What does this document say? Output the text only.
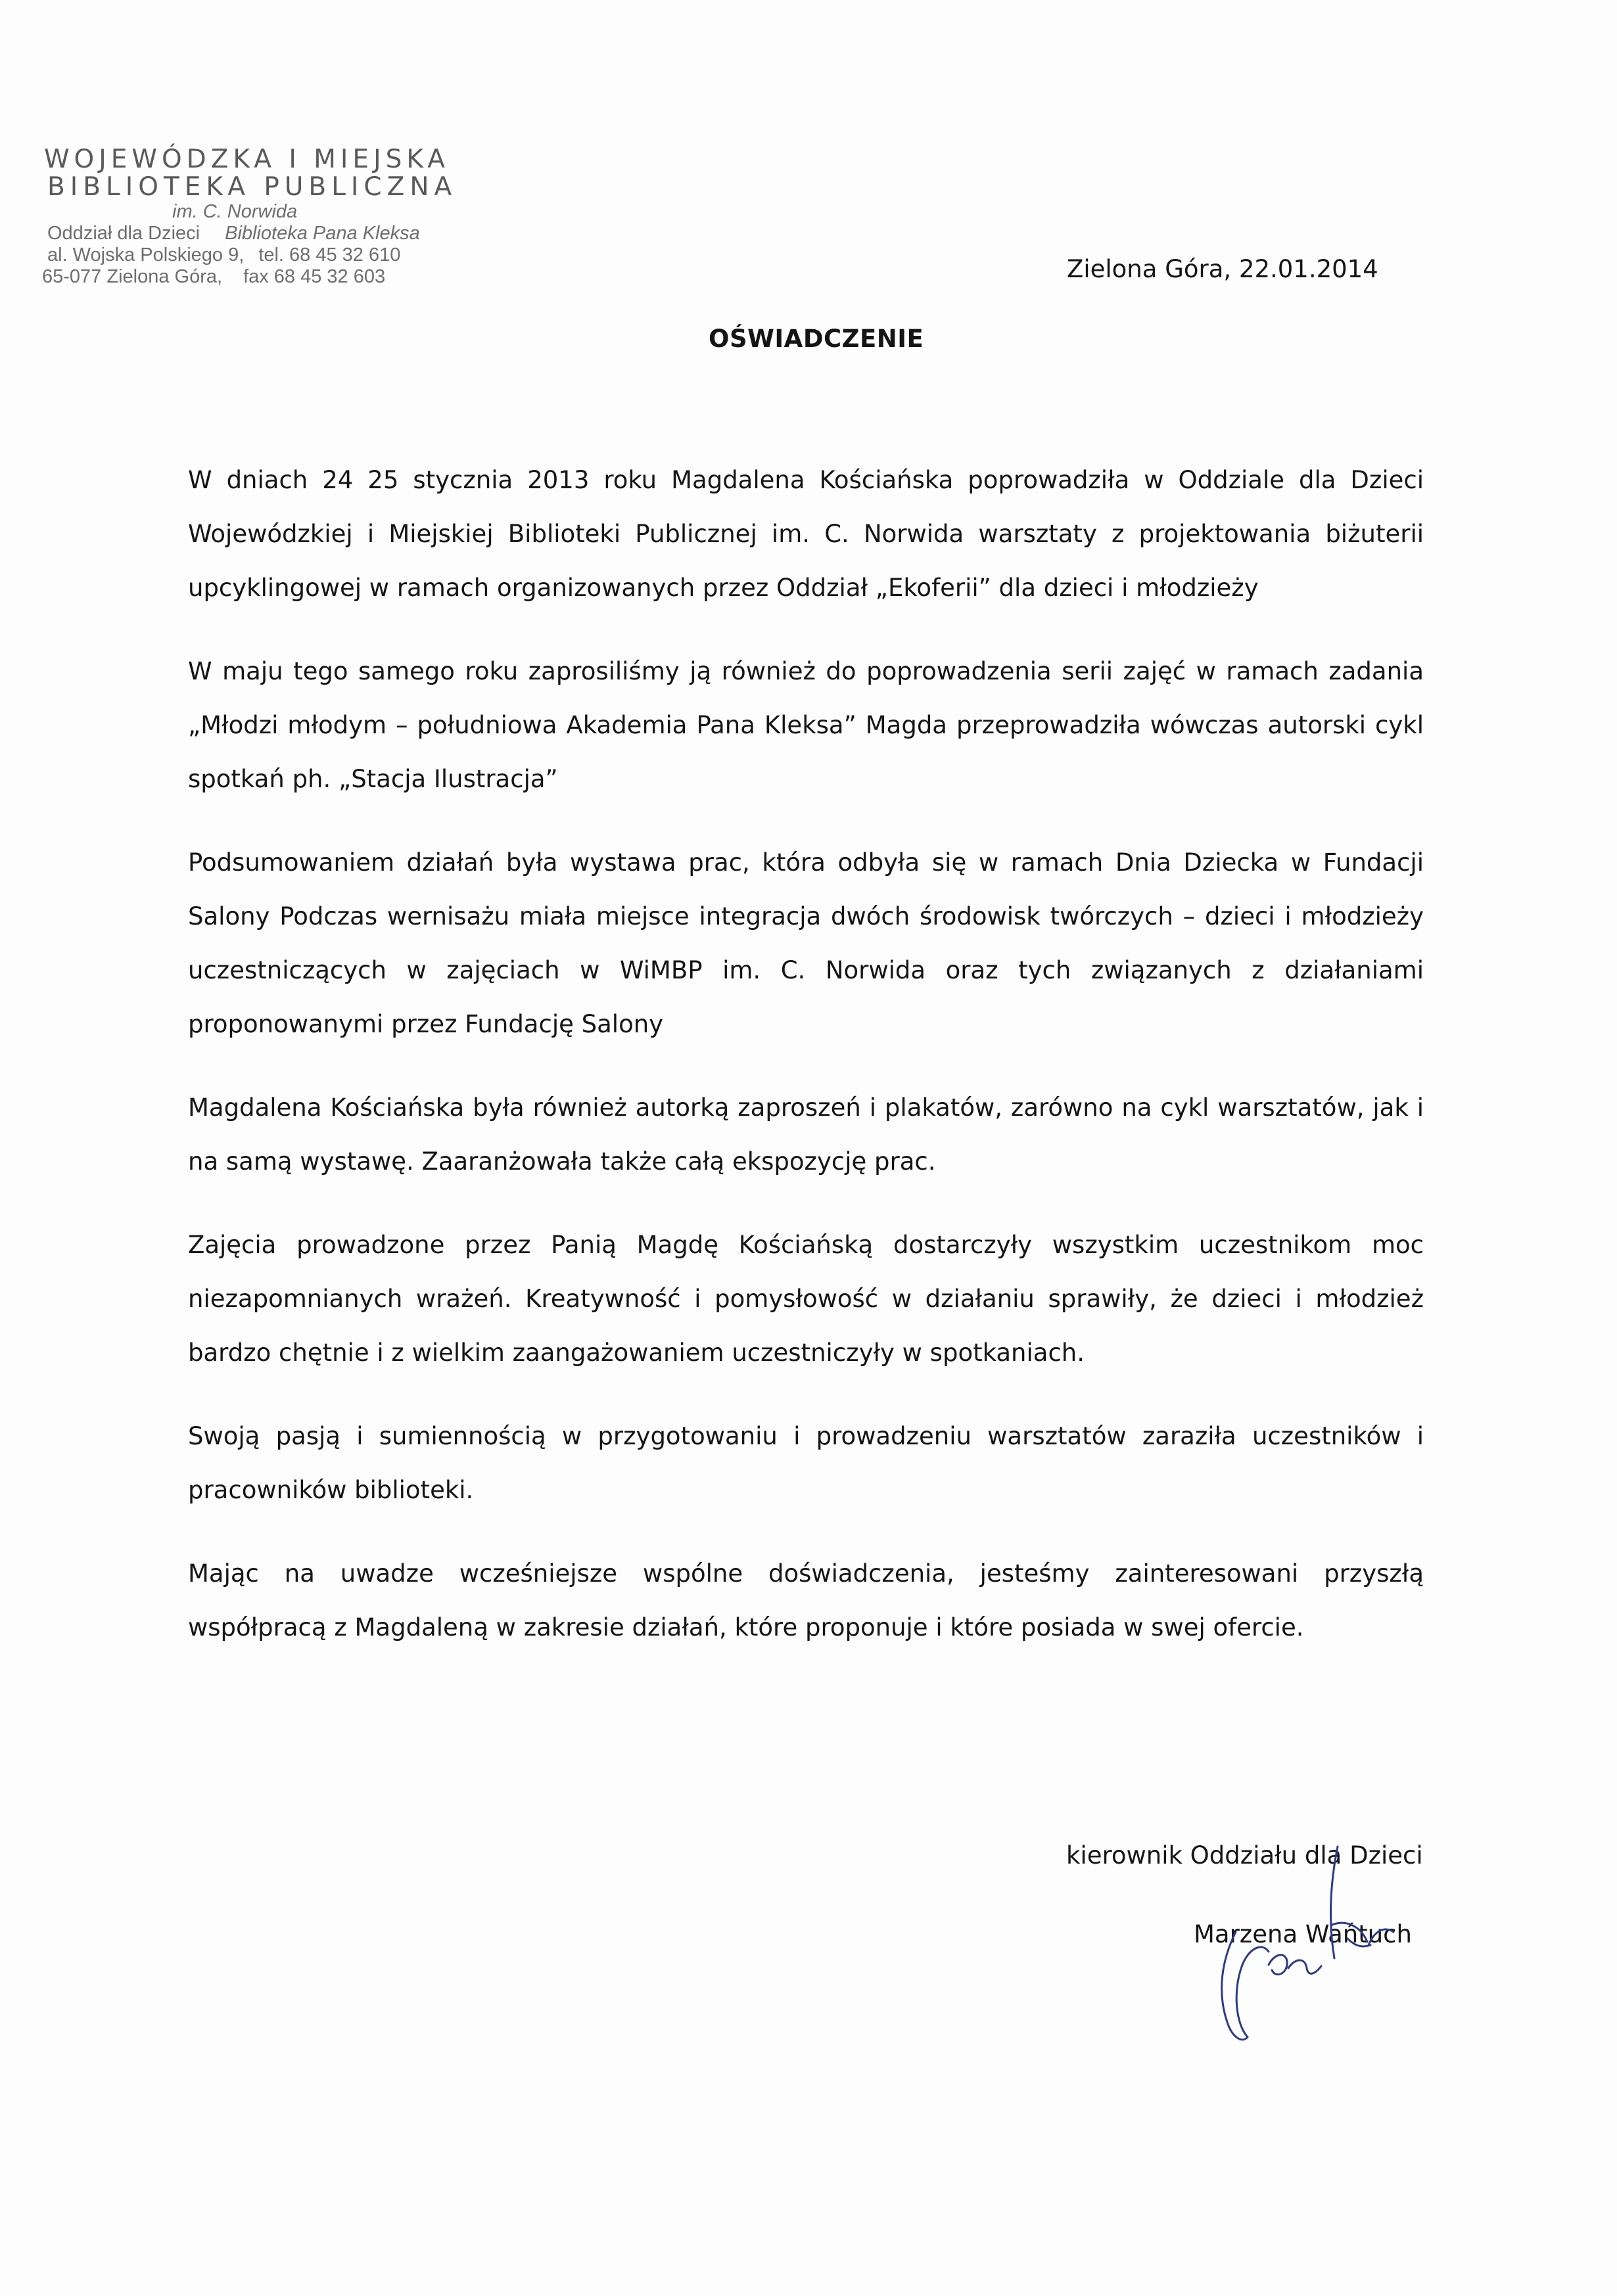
WOJEWÓDZKA I MIEJSKA
BIBLIOTEKA PUBLICZNA
im. C. Norwida
Oddział dla Dzieci Biblioteka Pana Kleksa
al. Wojska Polskiego 9, tel. 68 45 32 610
65-077 Zielona Góra, fax 68 45 32 603	Zielona Góra, 22.01.2014
OŚWIADCZENIE
W dniach 24 25 stycznia 2013 roku Magdalena Kościańska poprowadziła w Oddziale dla Dzieci
Wojewódzkiej i Miejskiej Biblioteki Publicznej im. C. Norwida warsztaty z projektowania biżuterii
upcyklingowej w ramach organizowanych przez Oddział „Ekoferii” dla dzieci i młodzieży
W maju tego samego roku zaprosiliśmy ją również do poprowadzenia serii zajęć w ramach zadania
„Młodzi młodym – południowa Akademia Pana Kleksa” Magda przeprowadziła wówczas autorski cykl
spotkań ph. „Stacja Ilustracja”
Podsumowaniem działań była wystawa prac, która odbyła się w ramach Dnia Dziecka w Fundacji
Salony Podczas wernisażu miała miejsce integracja dwóch środowisk twórczych – dzieci i młodzieży
uczestniczących w zajęciach w WiMBP im. C. Norwida oraz tych związanych z działaniami
proponowanymi przez Fundację Salony
Magdalena Kościańska była również autorką zaproszeń i plakatów, zarówno na cykl warsztatów, jak i
na samą wystawę. Zaaranżowała także całą ekspozycję prac.
Zajęcia prowadzone przez Panią Magdę Kościańską dostarczyły wszystkim uczestnikom moc
niezapomnianych wrażeń. Kreatywność i pomysłowość w działaniu sprawiły, że dzieci i młodzież
bardzo chętnie i z wielkim zaangażowaniem uczestniczyły w spotkaniach.
Swoją pasją i sumiennością w przygotowaniu i prowadzeniu warsztatów zaraziła uczestników i
pracowników biblioteki.
Mając na uwadze wcześniejsze wspólne doświadczenia, jesteśmy zainteresowani przyszłą
współpracą z Magdaleną w zakresie działań, które proponuje i które posiada w swej ofercie.
kierownik Oddziału dla Dzieci
Marzena Wańtuch
